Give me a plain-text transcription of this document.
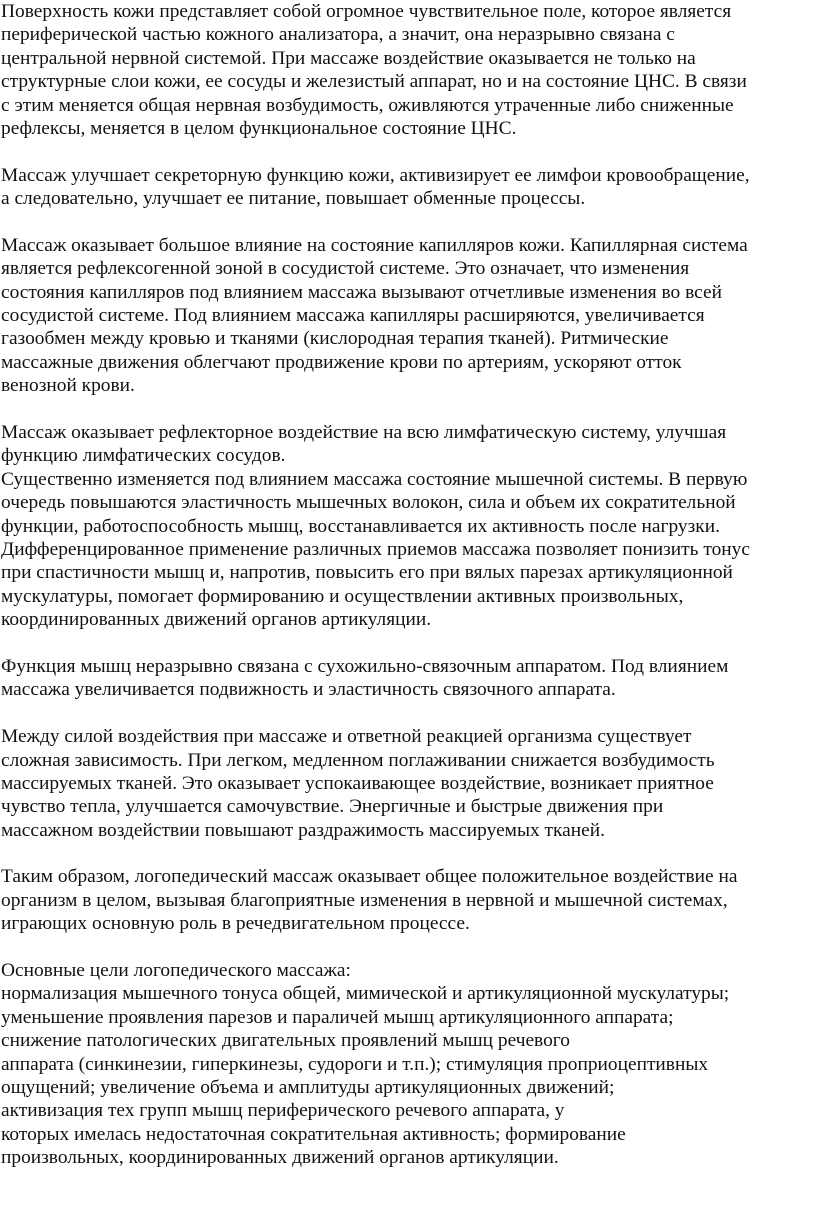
Поверхность кожи представляет собой огромное чувствительное поле, которое является
периферической частью кожного анализатора, а значит, она неразрывно связана с
центральной нервной системой. При массаже воздействие оказывается не только на
структурные слои кожи, ее сосуды и железистый аппарат, но и на состояние ЦНС. В связи
с этим меняется общая нервная возбудимость, оживляются утраченные либо сниженные
рефлексы, меняется в целом функциональное состояние ЦНС.
Массаж улучшает секреторную функцию кожи, активизирует ее лимфои кровообращение,
а следовательно, улучшает ее питание, повышает обменные процессы.
Массаж оказывает большое влияние на состояние капилляров кожи. Капиллярная система
является рефлексогенной зоной в сосудистой системе. Это означает, что изменения
состояния капилляров под влиянием массажа вызывают отчетливые изменения во всей
сосудистой системе. Под влиянием массажа капилляры расширяются, увеличивается
газообмен между кровью и тканями (кислородная терапия тканей). Ритмические
массажные движения облегчают продвижение крови по артериям, ускоряют отток
венозной крови.
Массаж оказывает рефлекторное воздействие на всю лимфатическую систему, улучшая
функцию лимфатических сосудов.
Существенно изменяется под влиянием массажа состояние мышечной системы. В первую
очередь повышаются эластичность мышечных волокон, сила и объем их сократительной
функции, работоспособность мышц, восстанавливается их активность после нагрузки.
Дифференцированное применение различных приемов массажа позволяет понизить тонус
при спастичности мышц и, напротив, повысить его при вялых парезах артикуляционной
мускулатуры, помогает формированию и осуществлении активных произвольных,
координированных движений органов артикуляции.
Функция мышц неразрывно связана с сухожильно-связочным аппаратом. Под влиянием
массажа увеличивается подвижность и эластичность связочного аппарата.
Между силой воздействия при массаже и ответной реакцией организма существует
сложная зависимость. При легком, медленном поглаживании снижается возбудимость
массируемых тканей. Это оказывает успокаивающее воздействие, возникает приятное
чувство тепла, улучшается самочувствие. Энергичные и быстрые движения при
массажном воздействии повышают раздражимость массируемых тканей.
Таким образом, логопедический массаж оказывает общее положительное воздействие на
организм в целом, вызывая благоприятные изменения в нервной и мышечной системах,
играющих основную роль в речедвигательном процессе.
Основные цели логопедического массажа:
нормализация мышечного тонуса общей, мимической и артикуляционной мускулатуры;
уменьшение проявления парезов и параличей мышц артикуляционного аппарата;
снижение патологических двигательных проявлений мышц речевого
аппарата (синкинезии, гиперкинезы, судороги и т.п.); стимуляция проприоцептивных
ощущений; увеличение объема и амплитуды артикуляционных движений;
активизация тех групп мышц периферического речевого аппарата, у
которых имелась недостаточная сократительная активность; формирование
произвольных, координированных движений органов артикуляции.
